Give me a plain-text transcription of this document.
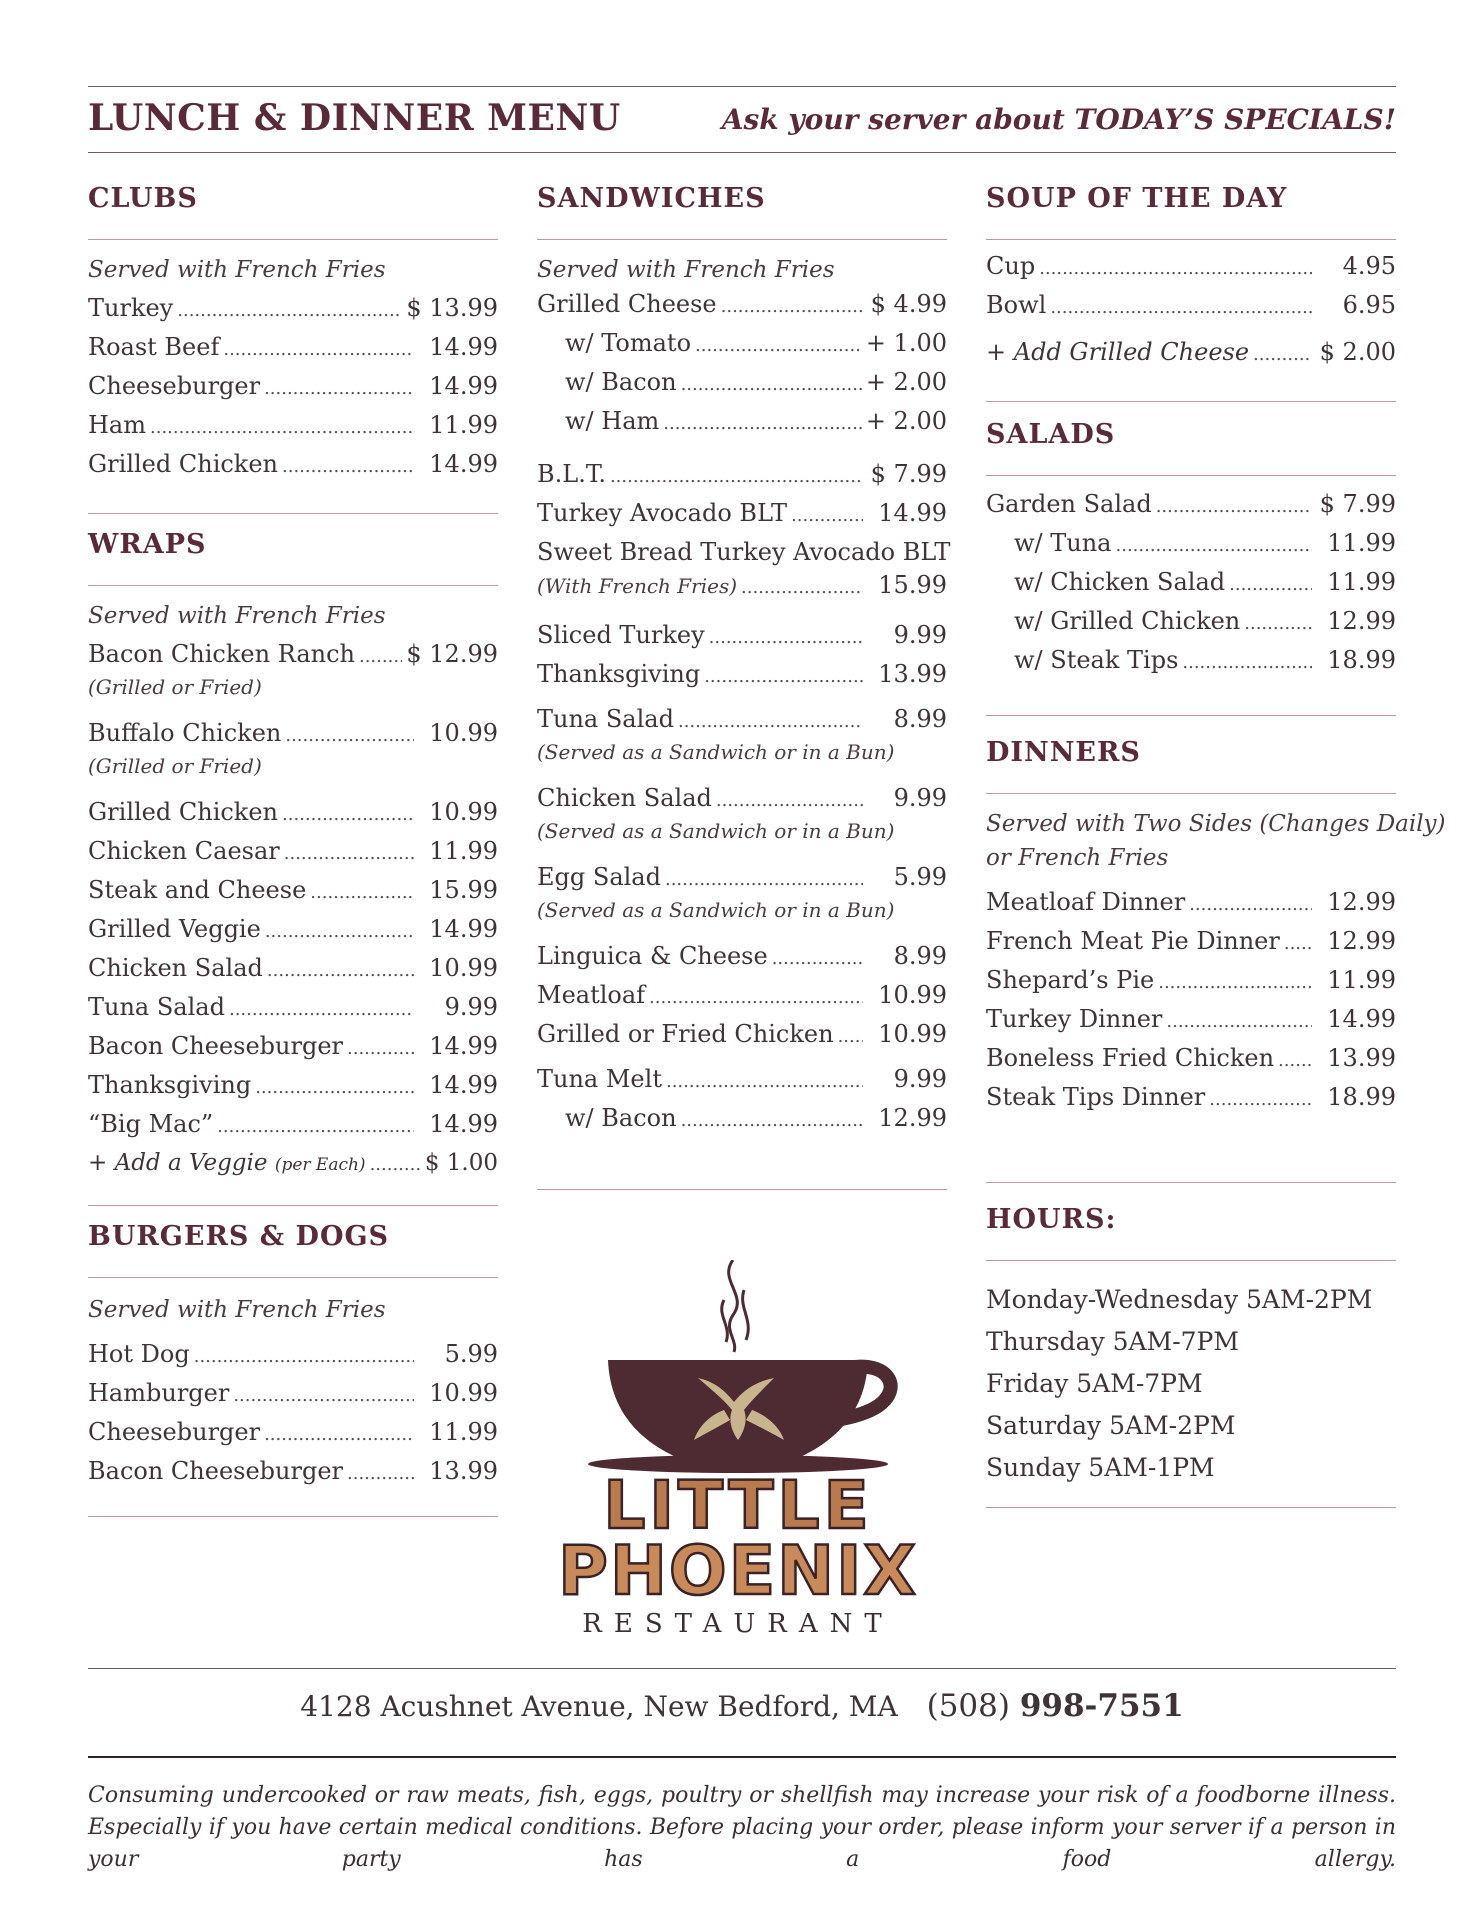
LUNCH & DINNER MENU	Ask your server about TODAY’S SPECIALS!
CLUBS
Served with French Fries
Turkey .....	$ 13.99
Roast Beef .....	14.99
Cheeseburger .....	14.99
Ham .....	11.99
Grilled Chicken .....	14.99
WRAPS
Served with French Fries
Bacon Chicken Ranch ..... $ 12.99
(Grilled or Fried)
Buffalo Chicken .....	10.99
(Grilled or Fried)
Grilled Chicken .....	10.99
Chicken Caesar .....	11.99
Steak and Cheese .....	15.99
Grilled Veggie .....	14.99
Chicken Salad .....	10.99
Tuna Salad .....	9.99
Bacon Cheeseburger .....	14.99
Thanksgiving .....	14.99
“Big Mac” .....	14.99
+ Add a Veggie (per Each) .....	$ 1.00
BURGERS & DOGS
Served with French Fries
Hot Dog .....	5.99
Hamburger .....	10.99
Cheeseburger .....	11.99
Bacon Cheeseburger .....	13.99
SANDWICHES
Served with French Fries
Grilled Cheese .....	$ 4.99
w/ Tomato .....	+ 1.00
w/ Bacon .....	+ 2.00
w/ Ham .....	+ 2.00
B.L.T. .....	$ 7.99
Turkey Avocado BLT .....	14.99
Sweet Bread Turkey Avocado BLT
(With French Fries) .....	15.99
Sliced Turkey .....	9.99
Thanksgiving .....	13.99
Tuna Salad .....	8.99
(Served as a Sandwich or in a Bun)
Chicken Salad .....	9.99
(Served as a Sandwich or in a Bun)
Egg Salad .....	5.99
(Served as a Sandwich or in a Bun)
Linguica & Cheese .....	8.99
Meatloaf .....	10.99
Grilled or Fried Chicken .....	10.99
Tuna Melt .....	9.99
w/ Bacon .....	12.99
SOUP OF THE DAY
Cup .....	4.95
Bowl .....	6.95
+ Add Grilled Cheese .....	$ 2.00
SALADS
Garden Salad .....	$ 7.99
w/ Tuna .....	11.99
w/ Chicken Salad .....	11.99
w/ Grilled Chicken .....	12.99
w/ Steak Tips .....	18.99
DINNERS
Served with Two Sides (Changes Daily)
or French Fries
Meatloaf Dinner .....	12.99
French Meat Pie Dinner .....	12.99
Shepard’s Pie .....	11.99
Turkey Dinner .....	14.99
Boneless Fried Chicken .....	13.99
Steak Tips Dinner .....	18.99
HOURS:
Monday-Wednesday 5AM-2PM
Thursday 5AM-7PM
Friday 5AM-7PM
Saturday 5AM-2PM
Sunday 5AM-1PM
LITTLE
PHOENIX
RESTAURANT
4128 Acushnet Avenue, New Bedford, MA (508) 998-7551
Consuming undercooked or raw meats, fish, eggs, poultry or shellfish may increase your risk of a foodborne illness. Especially if you have certain medical conditions. Before placing your order, please inform your server if a person in your party has a food allergy.
